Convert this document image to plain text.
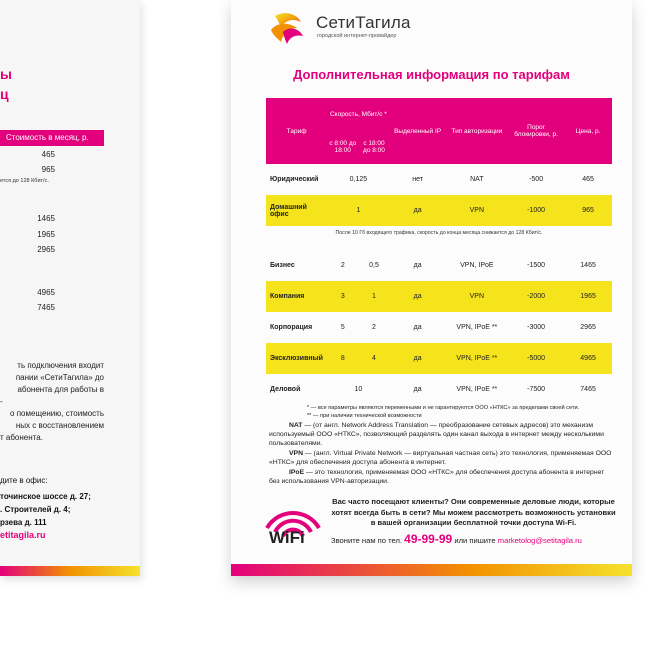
ы
ц
Стоимость в месяц, р.
465
965
ется до 128 Кбит/с.
1465
1965
2965
4965
7465
ть подключения входит
пании «СетиТагила» до
абонента для работы в
-
о помещению, стоимость
ных с восстановлением
т абонента.
дите в офис:
точинское шоссе д. 27;
. Строителей д. 4;
рзева д. 111
etitagila.ru
СетиТагила
городской интернет-провайдер
Дополнительная информация по тарифам
Тариф	Скорость, Мбит/с *		Выделенный IP	Тип авторизации	Порог блокировки, р.	Цена, р.
	с 8:00 до 18:00	с 18:00 до 8:00				
Юридический	0,125		нет	NAT	-500	465
Домашний офис	1		да	VPN	-1000	965
После 10 Гб входящего трафика, скорость до конца месяца снижается до 128 Кбит/с.						

Бизнес	2	0,5	да	VPN, IPoE	-1500	1465
Компания	3	1	да	VPN	-2000	1965
Корпорация	5	2	да	VPN, IPoE **	-3000	2965
Эксклюзивный	8	4	да	VPN, IPoE **	-5000	4965
Деловой	10		да	VPN, IPoE **	-7500	7465
* — все параметры являются переменными и не гарантируются ООО «НТКС» за пределами своей сети.
** — при наличии технической возможности
NAT — (от англ. Network Address Translation — преобразование сетевых адресов) это механизм используемый ООО «НТКС», позволяющий разделять один канал выхода в интернет между несколькими пользователями.
VPN — (англ. Virtual Private Network — виртуальная частная сеть) это технология, применяемая ООО «НТКС» для обеспечения доступа абонента в интернет.
IPoE — это технология, применяемая ООО «НТКС» для обеспечения доступа абонента в интернет без использования VPN-авторизации.
WiFi
Вас часто посещают клиенты? Они современные деловые люди, которые хотят всегда быть в сети? Мы можем рассмотреть возможность установки в вашей организации бесплатной точки доступа Wi-Fi.
Звоните нам по тел. 49-99-99 или пишите marketolog@setitagila.ru
